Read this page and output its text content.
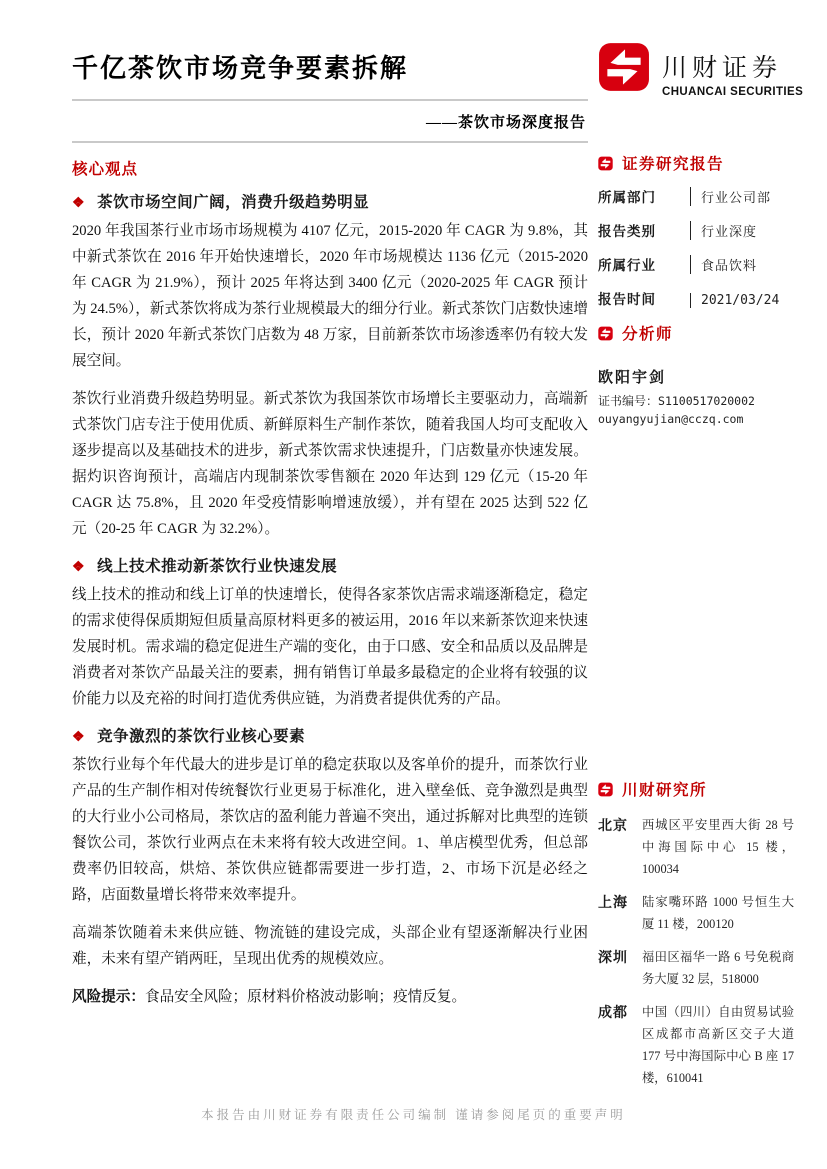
千亿茶饮市场竞争要素拆解
——茶饮市场深度报告
核心观点
❖ 茶饮市场空间广阔，消费升级趋势明显
2020 年我国茶行业市场市场规模为 4107 亿元，2015-2020 年 CAGR 为 9.8%，其中新式茶饮在 2016 年开始快速增长，2020 年市场规模达 1136 亿元（2015-2020 年 CAGR 为 21.9%），预计 2025 年将达到 3400 亿元（2020-2025 年 CAGR 预计为 24.5%），新式茶饮将成为茶行业规模最大的细分行业。新式茶饮门店数快速增长，预计 2020 年新式茶饮门店数为 48 万家，目前新茶饮市场渗透率仍有较大发展空间。
茶饮行业消费升级趋势明显。新式茶饮为我国茶饮市场增长主要驱动力，高端新式茶饮门店专注于使用优质、新鲜原料生产制作茶饮，随着我国人均可支配收入逐步提高以及基础技术的进步，新式茶饮需求快速提升，门店数量亦快速发展。据灼识咨询预计，高端店内现制茶饮零售额在 2020 年达到 129 亿元（15-20 年 CAGR 达 75.8%，且 2020 年受疫情影响增速放缓），并有望在 2025 达到 522 亿元（20-25 年 CAGR 为 32.2%）。
❖ 线上技术推动新茶饮行业快速发展
线上技术的推动和线上订单的快速增长，使得各家茶饮店需求端逐渐稳定，稳定的需求使得保质期短但质量高原材料更多的被运用，2016 年以来新茶饮迎来快速发展时机。需求端的稳定促进生产端的变化，由于口感、安全和品质以及品牌是消费者对茶饮产品最关注的要素，拥有销售订单最多最稳定的企业将有较强的议价能力以及充裕的时间打造优秀供应链，为消费者提供优秀的产品。
❖ 竞争激烈的茶饮行业核心要素
茶饮行业每个年代最大的进步是订单的稳定获取以及客单价的提升，而茶饮行业产品的生产制作相对传统餐饮行业更易于标准化，进入壁垒低、竞争激烈是典型的大行业小公司格局，茶饮店的盈利能力普遍不突出，通过拆解对比典型的连锁餐饮公司，茶饮行业两点在未来将有较大改进空间。1、单店模型优秀，但总部费率仍旧较高，烘焙、茶饮供应链都需要进一步打造，2、市场下沉是必经之路，店面数量增长将带来效率提升。
高端茶饮随着未来供应链、物流链的建设完成，头部企业有望逐渐解决行业困难，未来有望产销两旺，呈现出优秀的规模效应。
风险提示：食品安全风险；原材料价格波动影响；疫情反复。
川财证券
CHUANCAI SECURITIES
证券研究报告
所属部门	行业公司部
报告类别	行业深度
所属行业	食品饮料
报告时间	2021/03/24
分析师
欧阳宇剑
证书编号：S1100517020002
ouyangyujian@cczq.com
川财研究所
北京	西城区平安里西大街 28 号中海国际中心 15 楼，100034
上海	陆家嘴环路 1000 号恒生大厦 11 楼，200120
深圳	福田区福华一路 6 号免税商务大厦 32 层，518000
成都	中国（四川）自由贸易试验区成都市高新区交子大道 177 号中海国际中心 B 座 17 楼，610041
本报告由川财证券有限责任公司编制 谨请参阅尾页的重要声明
